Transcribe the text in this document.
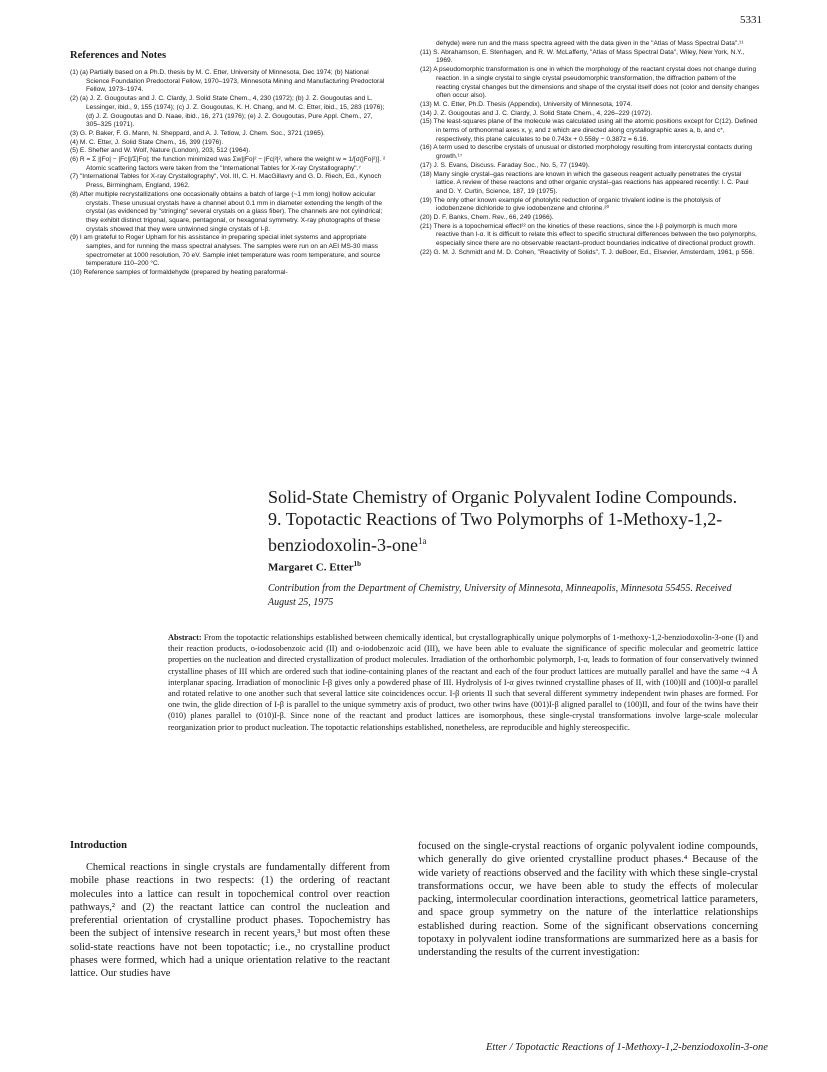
5331
References and Notes
(1) (a) Partially based on a Ph.D. thesis by M. C. Etter, University of Minnesota, Dec 1974; (b) National Science Foundation Predoctoral Fellow, 1970–1973, Minnesota Mining and Manufacturing Predoctoral Fellow, 1973–1974.
(2) (a) J. Z. Gougoutas and J. C. Clardy, J. Solid State Chem., 4, 230 (1972); (b) J. Z. Gougoutas and L. Lessinger, ibid., 9, 155 (1974); (c) J. Z. Gougoutas, K. H. Chang, and M. C. Etter, ibid., 15, 283 (1976); (d) J. Z. Gougoutas and D. Naae, ibid., 16, 271 (1976); (e) J. Z. Gougoutas, Pure Appl. Chem., 27, 305–325 (1971).
(3) G. P. Baker, F. G. Mann, N. Sheppard, and A. J. Tetlow, J. Chem. Soc., 3721 (1965).
(4) M. C. Etter, J. Solid State Chem., 16, 399 (1976).
(5) E. Shefter and W. Wolf, Nature (London), 203, 512 (1964).
(6) R = Σ ||Fo| − |Fc||/Σ|Fo|; the function minimized was Σw||Fo|² − |Fc|²|², where the weight w = 1/[σ(|Fo|²)]. ² Atomic scattering factors were taken from the "International Tables for X-ray Crystallography".⁷
(7) "International Tables for X-ray Crystallography", Vol. III, C. H. MacGillavry and G. D. Riech, Ed., Kynoch Press, Birmingham, England, 1962.
(8) After multiple recrystallizations one occasionally obtains a batch of large (~1 mm long) hollow acicular crystals. These unusual crystals have a channel about 0.1 mm in diameter extending the length of the crystal (as evidenced by "stringing" several crystals on a glass fiber). The channels are not cylindrical; they exhibit distinct trigonal, square, pentagonal, or hexagonal symmetry. X-ray photographs of these crystals showed that they were untwinned single crystals of I-β.
(9) I am grateful to Roger Upham for his assistance in preparing special inlet systems and appropriate samples, and for running the mass spectral analyses. The samples were run on an AEI MS-30 mass spectrometer at 1000 resolution, 70 eV. Sample inlet temperature was room temperature, and source temperature 110–200 °C.
(10) Reference samples of formaldehyde (prepared by heating paraformal-
dehyde) were run and the mass spectra agreed with the data given in the "Atlas of Mass Spectral Data".¹¹
(11) S. Abrahamson, E. Stenhagen, and R. W. McLafferty, "Atlas of Mass Spectral Data", Wiley, New York, N.Y., 1969.
(12) A pseudomorphic transformation is one in which the morphology of the reactant crystal does not change during reaction. In a single crystal to single crystal pseudomorphic transformation, the diffraction pattern of the reacting crystal changes but the dimensions and shape of the crystal itself does not (color and density changes often occur also).
(13) M. C. Etter, Ph.D. Thesis (Appendix), University of Minnesota, 1974.
(14) J. Z. Gougoutas and J. C. Clardy, J. Solid State Chem., 4, 226–229 (1972).
(15) The least-squares plane of the molecule was calculated using all the atomic positions except for C(12). Defined in terms of orthonormal axes x, y, and z which are directed along crystallographic axes a, b, and c*, respectively, this plane calculates to be 0.743x + 0.558y − 0.387z = 6.16.
(16) A term used to describe crystals of unusual or distorted morphology resulting from intercrystal contacts during growth.¹⁷
(17) J. S. Evans, Discuss. Faraday Soc., No. 5, 77 (1949).
(18) Many single crystal–gas reactions are known in which the gaseous reagent actually penetrates the crystal lattice. A review of these reactons and other organic crystal–gas reactions has appeared recently: I. C. Paul and D. Y. Curtin, Science, 187, 19 (1975).
(19) The only other known example of photolytic reduction of organic trivalent iodine is the photolysis of iodobenzene dichloride to give iodobenzene and chlorine.²⁰
(20) D. F. Banks, Chem. Rev., 66, 249 (1966).
(21) There is a topochemical effect²² on the kinetics of these reactions, since the I-β polymorph is much more reactive than I-α. It is difficult to relate this effect to specific structural differences between the two polymorphs, especially since there are no observable reactant–product boundaries indicative of directional product growth.
(22) G. M. J. Schmidt and M. D. Cohen, "Reactivity of Solids", T. J. deBoer, Ed., Elsevier, Amsterdam, 1961, p 556.
Solid-State Chemistry of Organic Polyvalent Iodine Compounds. 9. Topotactic Reactions of Two Polymorphs of 1-Methoxy-1,2-benziodoxolin-3-one$^{1a}$
Margaret C. Etter$^{1b}$
Contribution from the Department of Chemistry, University of Minnesota, Minneapolis, Minnesota 55455. Received August 25, 1975
Abstract: From the topotactic relationships established between chemically identical, but crystallographically unique polymorphs of 1-methoxy-1,2-benziodoxolin-3-one (I) and their reaction products, o-iodosobenzoic acid (II) and o-iodobenzoic acid (III), we have been able to evaluate the significance of specific molecular and geometric lattice properties on the nucleation and directed crystallization of product molecules. Irradiation of the orthorhombic polymorph, I-α, leads to formation of four conservatively twinned crystalline phases of III which are ordered such that iodine-containing planes of the reactant and each of the four product lattices are mutually parallel and have the same ~4 Å interplanar spacing. Irradiation of monoclinic I-β gives only a powdered phase of III. Hydrolysis of I-α gives twinned crystalline phases of II, with (100)II and (100)I-α parallel and rotated relative to one another such that several lattice site coincidences occur. I-β orients II such that several different symmetry independent twin phases are formed. For one twin, the glide direction of I-β is parallel to the unique symmetry axis of product, two other twins have (001)I-β aligned parallel to (100)II, and four of the twins have their (010) planes parallel to (010)I-β. Since none of the reactant and product lattices are isomorphous, these single-crystal transformations involve large-scale molecular reorganization prior to product nucleation. The topotactic relationships established, nonetheless, are reproducible and highly stereospecific.
Introduction
Chemical reactions in single crystals are fundamentally different from mobile phase reactions in two respects: (1) the ordering of reactant molecules into a lattice can result in topochemical control over reaction pathways,² and (2) the reactant lattice can control the nucleation and preferential orientation of crystalline product phases. Topochemistry has been the subject of intensive research in recent years,³ but most often these solid-state reactions have not been topotactic; i.e., no crystalline product phases were formed, which had a unique orientation relative to the reactant lattice. Our studies have
focused on the single-crystal reactions of organic polyvalent iodine compounds, which generally do give oriented crystalline product phases.⁴ Because of the wide variety of reactions observed and the facility with which these single-crystal transformations occur, we have been able to study the effects of molecular packing, intermolecular coordination interactions, geometrical lattice parameters, and space group symmetry on the nature of the interlattice relationships established during reaction. Some of the significant observations concerning topotaxy in polyvalent iodine transformations are summarized here as a basis for understanding the results of the current investigation:
Etter / Topotactic Reactions of 1-Methoxy-1,2-benziodoxolin-3-one
